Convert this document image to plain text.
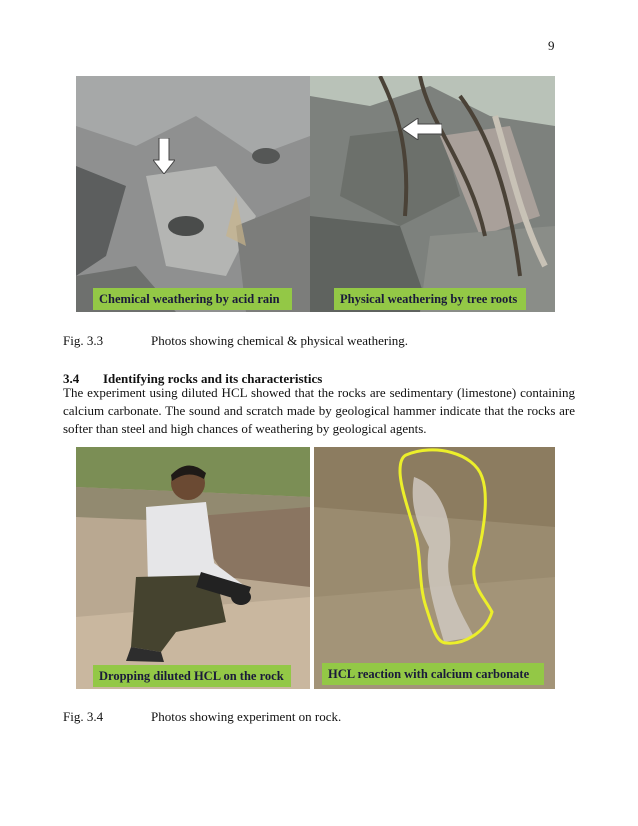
9
Chemical weathering by acid rain	Physical weathering by tree roots
Fig. 3.3	Photos showing chemical & physical weathering.
3.4 Identifying rocks and its characteristics
The experiment using diluted HCL showed that the rocks are sedimentary (limestone) containing calcium carbonate. The sound and scratch made by geological hammer indicate that the rocks are softer than steel and high chances of weathering by geological agents.
Dropping diluted HCL on the rock	HCL reaction with calcium carbonate
Fig. 3.4	Photos showing experiment on rock.
